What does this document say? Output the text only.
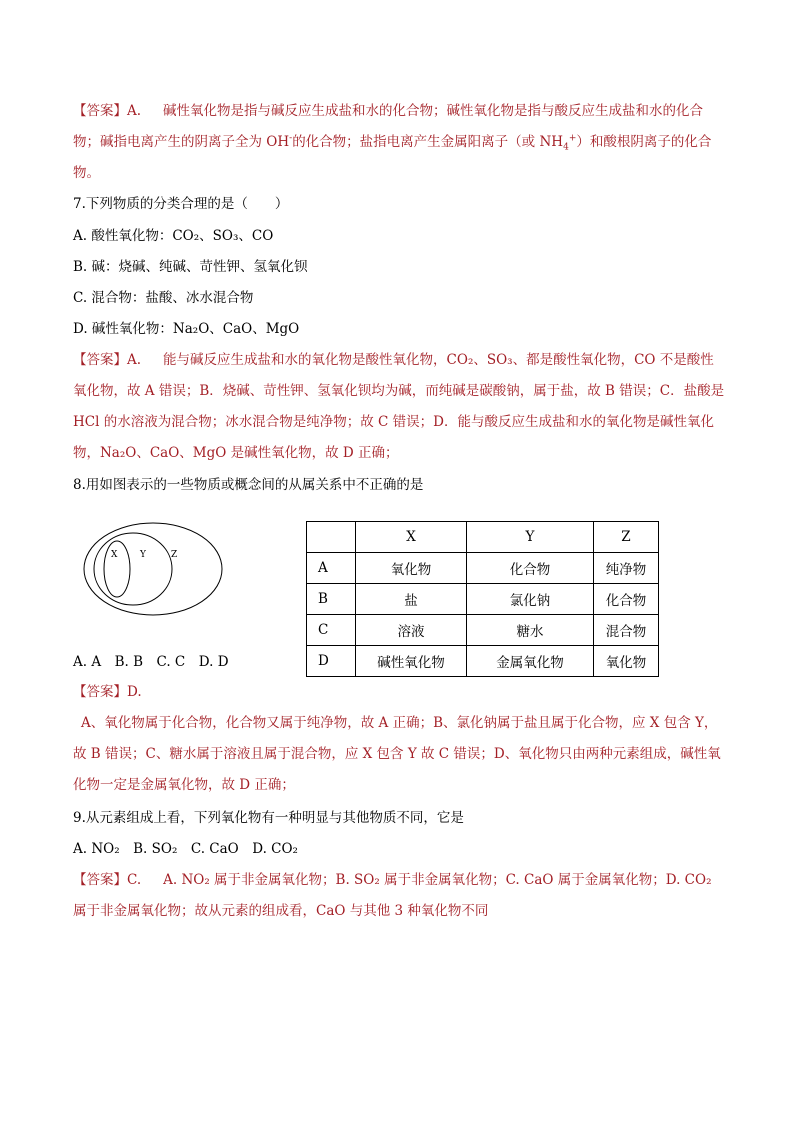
【答案】A. 碱性氧化物是指与碱反应生成盐和水的化合物；碱性氧化物是指与酸反应生成盐和水的化合物；碱指电离产生的阴离子全为 OH-的化合物；盐指电离产生金属阳离子（或 $NH_4^+$）和酸根阴离子的化合物。

7.下列物质的分类合理的是（　　）

A. 酸性氧化物：CO₂、SO₃、CO

B. 碱：烧碱、纯碱、苛性钾、氢氧化钡

C. 混合物：盐酸、冰水混合物

D. 碱性氧化物：Na₂O、CaO、MgO

【答案】A. 能与碱反应生成盐和水的氧化物是酸性氧化物，CO₂、SO₃、都是酸性氧化物，CO 不是酸性氧化物，故 A 错误；B．烧碱、苛性钾、氢氧化钡均为碱，而纯碱是碳酸钠，属于盐，故 B 错误；C．盐酸是 HCl 的水溶液为混合物；冰水混合物是纯净物；故 C 错误；D．能与酸反应生成盐和水的氧化物是碱性氧化物，Na₂O、CaO、MgO 是碱性氧化物，故 D 正确；

8.用如图表示的一些物质或概念间的从属关系中不正确的是

X	Y	Z
	X	Y	Z
A	氧化物	化合物	纯净物
B	盐	氯化钠	化合物
C	溶液	糖水	混合物
D	碱性氧化物	金属氧化物	氧化物

A. A　B. B　C. C　D. D

【答案】D.
A、氧化物属于化合物，化合物又属于纯净物，故 A 正确；B、氯化钠属于盐且属于化合物，应 X 包含 Y，故 B 错误；C、糖水属于溶液且属于混合物，应 X 包含 Y 故 C 错误；D、氧化物只由两种元素组成，碱性氧化物一定是金属氧化物，故 D 正确；

9.从元素组成上看，下列氧化物有一种明显与其他物质不同，它是

A. NO₂　B. SO₂　C. CaO　D. CO₂

【答案】C. A. NO₂ 属于非金属氧化物；B. SO₂ 属于非金属氧化物；C. CaO 属于金属氧化物；D. CO₂ 属于非金属氧化物；故从元素的组成看，CaO 与其他 3 种氧化物不同
